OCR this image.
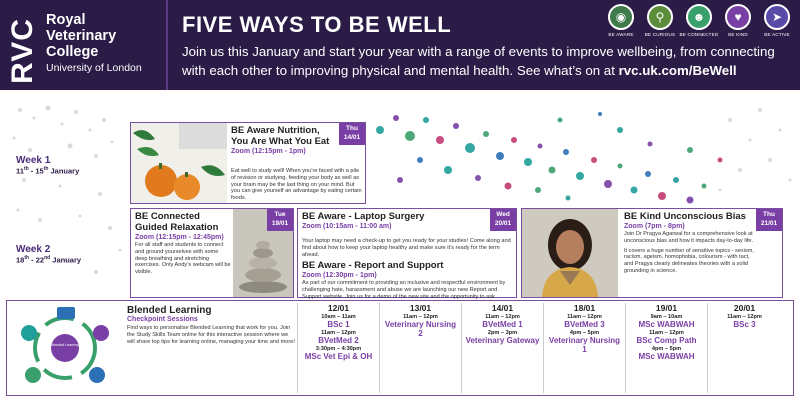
RVC Royal
Veterinary
College
University of London
FIVE WAYS TO BE WELL
Join us this January and start your year with a range of events to improve wellbeing, from connecting with each other to improving physical and mental health. See what’s on at rvc.uk.com/BeWell
◉
BE AWARE
⚲
BE CURIOUS
☻
BE CONNECTED
♥
BE KIND
➤
BE ACTIVE
Week 1
11th - 15th January
Week 2
18th - 22nd January
BE Aware Nutrition, You Are What You Eat
Zoom (12:15pm - 1pm)
Eat well to study well! When you’re faced with a pile of revision or studying, feeding your body as well as your brain may be the last thing on your mind. But you can give yourself an advantage by eating certain foods.
Thu
14/01
BE Connected Guided Relaxation
Zoom (12:15pm - 12:45pm)
For all staff and students to connect and ground yourselves with some deep breathing and stretching exercises. Only Andy’s webcam will be visible.
Tue
19/01
BE Aware - Laptop Surgery
Zoom (10:15am - 11:00 am)
Your laptop may need a check-up to get you ready for your studies! Come along and find about how to keep your laptop healthy and make sure it’s ready for the term ahead.
BE Aware - Report and Support
Zoom (12:30pm - 1pm)
As part of our commitment to providing an inclusive and respectful environment by challenging hate, harassment and abuse we are launching our new Report and Support website. Join us for a demo of the new site and the opportunity to ask
Wed
20/01
BE Kind Unconscious Bias
Zoom (7pm - 8pm)
Join Dr Pragya Agarwal for a comprehensive look at unconscious bias and how it impacts day-to-day life.
It covers a huge number of sensitive topics - sexism, racism, ageism, homophobia, colourism - with tact, and Pragya clearly delineates theories with a solid grounding in science.
Thu
21/01
Blended Learning
Blended Learning
Checkpoint Sessions
Find ways to personalise Blended Learning that work for you. Join the Study Skills Team online for this interactive session where we will share top tips for learning online, managing your time and more!
12/01
10am – 11am
BSc 1
11am – 12pm
BVetMed 2
3:30pm – 4:30pm
MSc Vet Epi & OH
13/01
11am – 12pm
Veterinary Nursing 2
14/01
11am – 12pm
BVetMed 1
2pm – 3pm
Veterinary Gateway
18/01
11am – 12pm
BVetMed 3
4pm – 5pm
Veterinary Nursing 1
19/01
9am – 10am
MSc WABWAH
11am – 12pm
BSc Comp Path
4pm – 5pm
MSc WABWAH
20/01
11am – 12pm
BSc 3
